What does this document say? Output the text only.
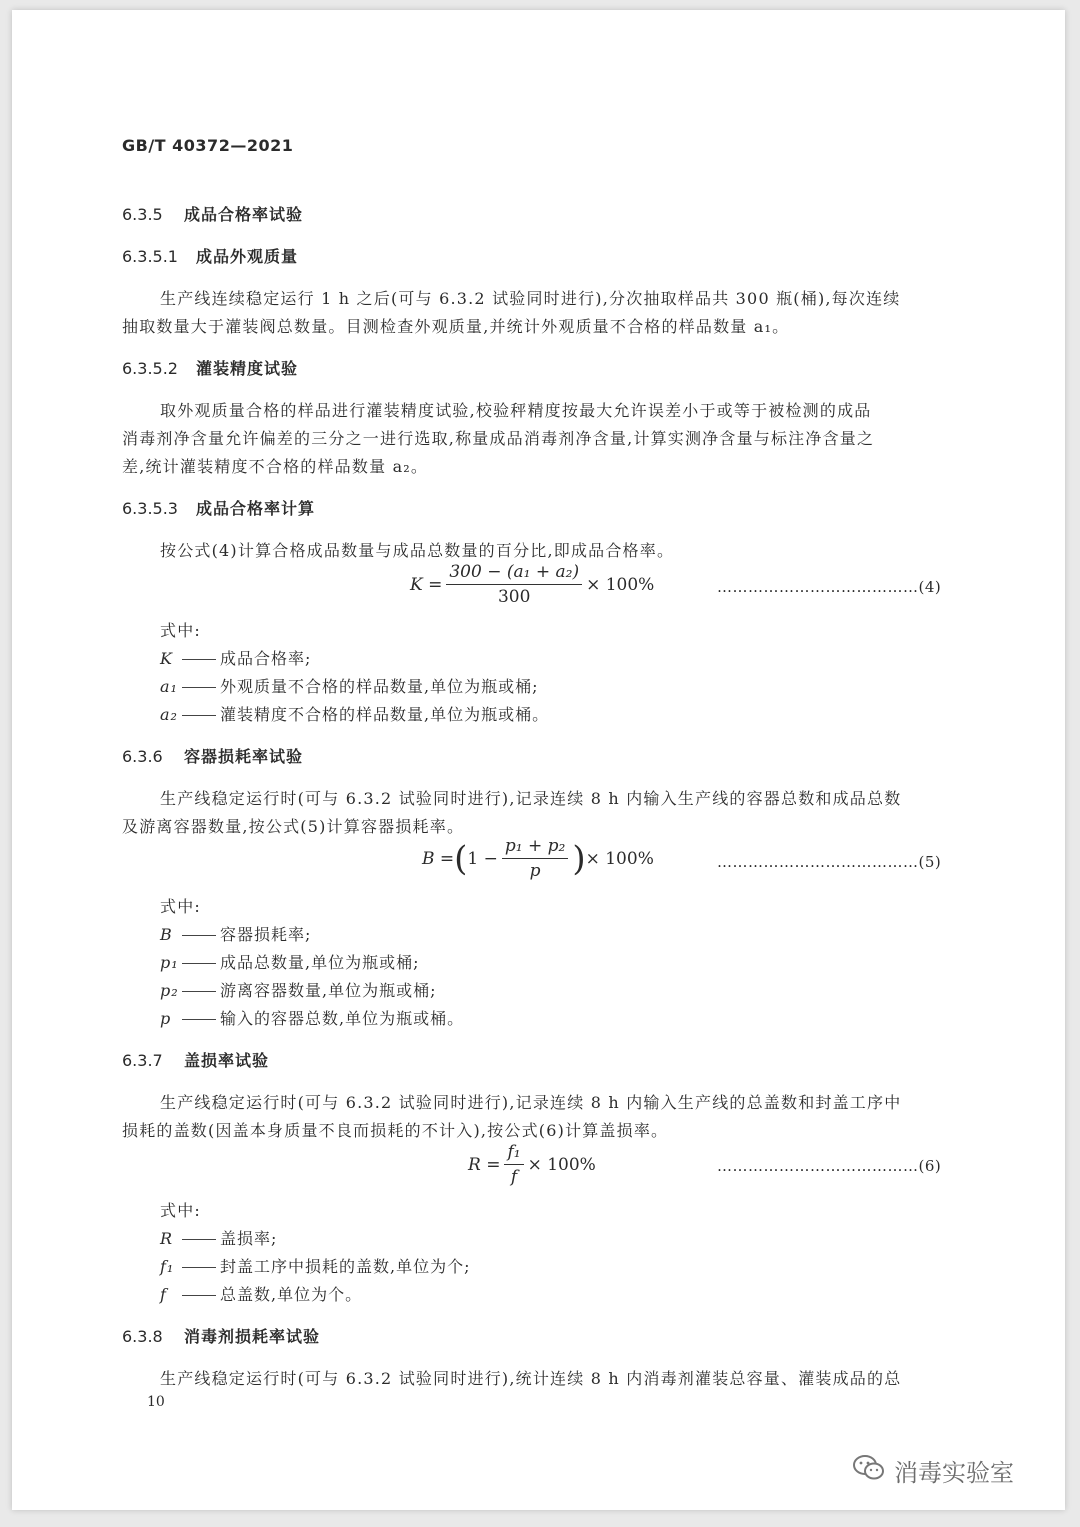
GB/T 40372—2021
6.3.5 成品合格率试验
6.3.5.1 成品外观质量
生产线连续稳定运行 1 h 之后(可与 6.3.2 试验同时进行),分次抽取样品共 300 瓶(桶),每次连续
抽取数量大于灌装阀总数量。目测检查外观质量,并统计外观质量不合格的样品数量 a₁。
6.3.5.2 灌装精度试验
取外观质量合格的样品进行灌装精度试验,校验秤精度按最大允许误差小于或等于被检测的成品
消毒剂净含量允许偏差的三分之一进行选取,称量成品消毒剂净含量,计算实测净含量与标注净含量之
差,统计灌装精度不合格的样品数量 a₂。
6.3.5.3 成品合格率计算
按公式(4)计算合格成品数量与成品总数量的百分比,即成品合格率。
$K = \frac{\text{300 − (a₁ + a₂)}}{300} \times 100\%$	…………………………………(4)
式中:
K	成品合格率;
a₁	外观质量不合格的样品数量,单位为瓶或桶;
a₂	灌装精度不合格的样品数量,单位为瓶或桶。
6.3.6 容器损耗率试验
生产线稳定运行时(可与 6.3.2 试验同时进行),记录连续 8 h 内输入生产线的容器总数和成品总数
及游离容器数量,按公式(5)计算容器损耗率。
B = ( $1 - \frac{\text{p₁ + p₂}}{p}$ ) × 100%	…………………………………(5)
式中:
B	容器损耗率;
p₁	成品总数量,单位为瓶或桶;
p₂	游离容器数量,单位为瓶或桶;
p	输入的容器总数,单位为瓶或桶。
6.3.7 盖损率试验
生产线稳定运行时(可与 6.3.2 试验同时进行),记录连续 8 h 内输入生产线的总盖数和封盖工序中
损耗的盖数(因盖本身质量不良而损耗的不计入),按公式(6)计算盖损率。
$R = \frac{\text{f₁}}{f} \times 100\%$	…………………………………(6)
式中:
R	盖损率;
f₁	封盖工序中损耗的盖数,单位为个;
f	总盖数,单位为个。
6.3.8 消毒剂损耗率试验
生产线稳定运行时(可与 6.3.2 试验同时进行),统计连续 8 h 内消毒剂灌装总容量、灌装成品的总
10
消毒实验室
